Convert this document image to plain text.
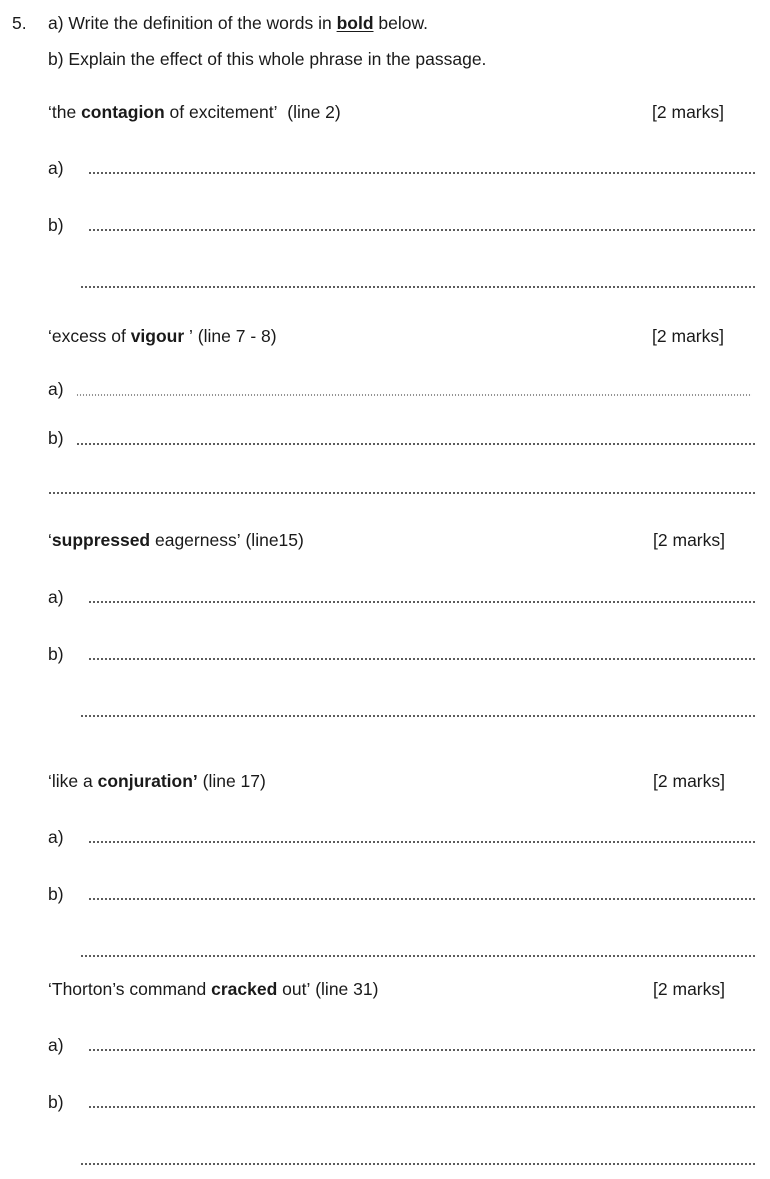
5. a) Write the definition of the words in bold below.
b) Explain the effect of this whole phrase in the passage.
‘the contagion of excitement’ (line 2)	[2 marks]
a)
b)
‘excess of vigour ’ (line 7 - 8)	[2 marks]
a)
b)
‘suppressed eagerness’ (line15)	[2 marks]
a)
b)
‘like a conjuration’ (line 17)	[2 marks]
a)
b)
‘Thorton’s command cracked out’ (line 31)	[2 marks]
a)
b)
